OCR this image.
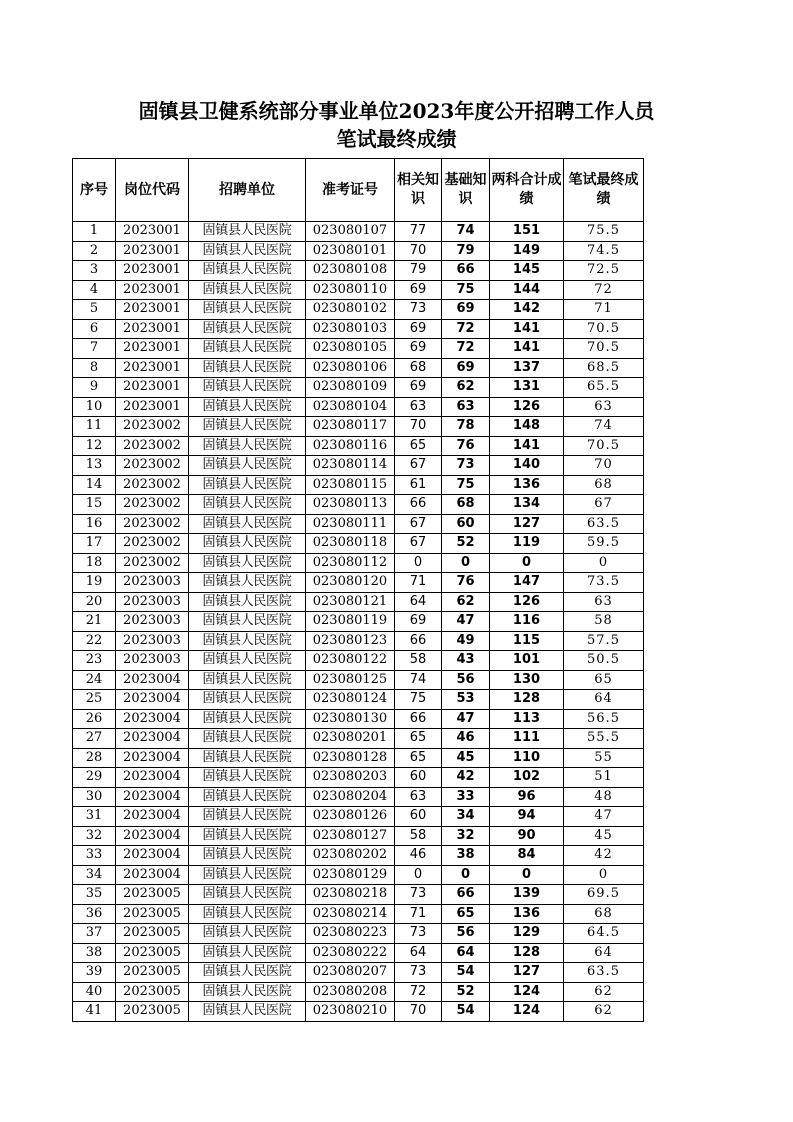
固镇县卫健系统部分事业单位2023年度公开招聘工作人员
笔试最终成绩
序号	岗位代码	招聘单位	准考证号	相关知识	基础知识	两科合计成绩	笔试最终成绩
1	2023001	固镇县人民医院	023080107	77	74	151	75.5
2	2023001	固镇县人民医院	023080101	70	79	149	74.5
3	2023001	固镇县人民医院	023080108	79	66	145	72.5
4	2023001	固镇县人民医院	023080110	69	75	144	72
5	2023001	固镇县人民医院	023080102	73	69	142	71
6	2023001	固镇县人民医院	023080103	69	72	141	70.5
7	2023001	固镇县人民医院	023080105	69	72	141	70.5
8	2023001	固镇县人民医院	023080106	68	69	137	68.5
9	2023001	固镇县人民医院	023080109	69	62	131	65.5
10	2023001	固镇县人民医院	023080104	63	63	126	63
11	2023002	固镇县人民医院	023080117	70	78	148	74
12	2023002	固镇县人民医院	023080116	65	76	141	70.5
13	2023002	固镇县人民医院	023080114	67	73	140	70
14	2023002	固镇县人民医院	023080115	61	75	136	68
15	2023002	固镇县人民医院	023080113	66	68	134	67
16	2023002	固镇县人民医院	023080111	67	60	127	63.5
17	2023002	固镇县人民医院	023080118	67	52	119	59.5
18	2023002	固镇县人民医院	023080112	0	0	0	0
19	2023003	固镇县人民医院	023080120	71	76	147	73.5
20	2023003	固镇县人民医院	023080121	64	62	126	63
21	2023003	固镇县人民医院	023080119	69	47	116	58
22	2023003	固镇县人民医院	023080123	66	49	115	57.5
23	2023003	固镇县人民医院	023080122	58	43	101	50.5
24	2023004	固镇县人民医院	023080125	74	56	130	65
25	2023004	固镇县人民医院	023080124	75	53	128	64
26	2023004	固镇县人民医院	023080130	66	47	113	56.5
27	2023004	固镇县人民医院	023080201	65	46	111	55.5
28	2023004	固镇县人民医院	023080128	65	45	110	55
29	2023004	固镇县人民医院	023080203	60	42	102	51
30	2023004	固镇县人民医院	023080204	63	33	96	48
31	2023004	固镇县人民医院	023080126	60	34	94	47
32	2023004	固镇县人民医院	023080127	58	32	90	45
33	2023004	固镇县人民医院	023080202	46	38	84	42
34	2023004	固镇县人民医院	023080129	0	0	0	0
35	2023005	固镇县人民医院	023080218	73	66	139	69.5
36	2023005	固镇县人民医院	023080214	71	65	136	68
37	2023005	固镇县人民医院	023080223	73	56	129	64.5
38	2023005	固镇县人民医院	023080222	64	64	128	64
39	2023005	固镇县人民医院	023080207	73	54	127	63.5
40	2023005	固镇县人民医院	023080208	72	52	124	62
41	2023005	固镇县人民医院	023080210	70	54	124	62
